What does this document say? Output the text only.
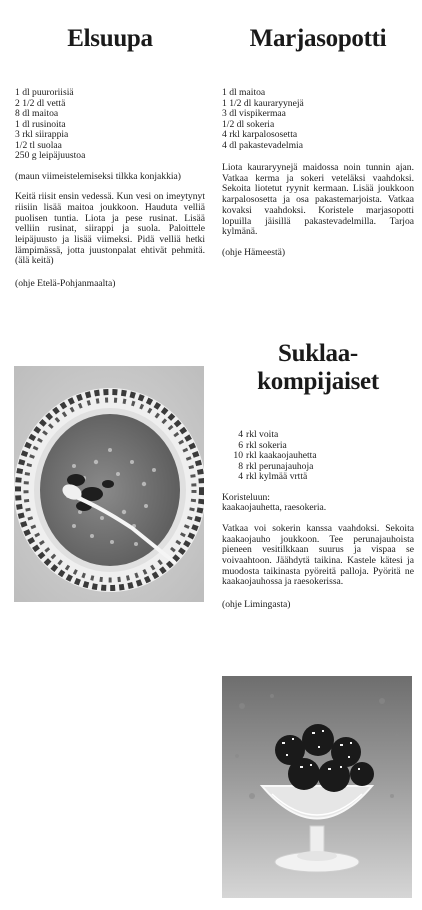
Elsuupa
1 dl puuroriisiä
2 1/2 dl vettä
8 dl maitoa
1 dl rusinoita
3 rkl siirappia
1/2 tl suolaa
250 g leipäjuustoa

(maun viimeistelemiseksi tilkka konjakkia)

Keitä riisit ensin vedessä. Kun vesi on imeytynyt riisiin lisää maitoa joukkoon. Hauduta velliä puolisen tuntia. Liota ja pese rusinat. Lisää velliin rusinat, siirappi ja suola. Paloittele leipäjuusto ja lisää viimeksi. Pidä velliä hetki lämpimässä, jotta juustonpalat ehtivät pehmitä. (älä keitä)

(ohje Etelä-Pohjanmaalta)

Marjasopotti
1 dl maitoa
1 1/2 dl kauraryynejä
3 dl vispikermaa
1/2 dl sokeria
4 rkl karpalososetta
4 dl pakastevadelmia

Liota kauraryynejä maidossa noin tunnin ajan. Vatkaa kerma ja sokeri veteläksi vaahdoksi. Sekoita liotetut ryynit kermaan. Lisää joukkoon karpalososetta ja osa pakastemarjoista. Vatkaa kovaksi vaahdoksi. Koristele marjasopotti lopuilla jäisillä pakastevadelmilla. Tarjoa kylmänä.

(ohje Hämeestä)

Suklaa-
kompijaiset
4 rkl voita
6 rkl sokeria
10 rkl kaakaojauhetta
8 rkl perunajauhoja
4 rkl kylmää vrttä
Koristeluun:
kaakaojauhetta, raesokeria.

Vatkaa voi sokerin kanssa vaahdoksi. Sekoita kaakaojauho joukkoon. Tee perunajauhoista pieneen vesitilkkaan suurus ja vispaa se voivaahtoon. Jäähdytä taikina. Kastele kätesi ja muodosta taikinasta pyöreitä palloja. Pyöritä ne kaakaojauhossa ja raesokerissa.

(ohje Limingasta)
